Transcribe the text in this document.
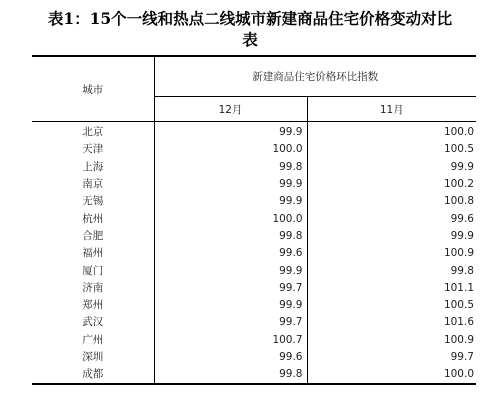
表1：15个一线和热点二线城市新建商品住宅价格变动对比
表
城市	新建商品住宅价格环比指数	
	12月	11月
北京	99.9	100.0
天津	100.0	100.5
上海	99.8	99.9
南京	99.9	100.2
无锡	99.9	100.8
杭州	100.0	99.6
合肥	99.8	99.9
福州	99.6	100.9
厦门	99.9	99.8
济南	99.7	101.1
郑州	99.9	100.5
武汉	99.7	101.6
广州	100.7	100.9
深圳	99.6	99.7
成都	99.8	100.0
